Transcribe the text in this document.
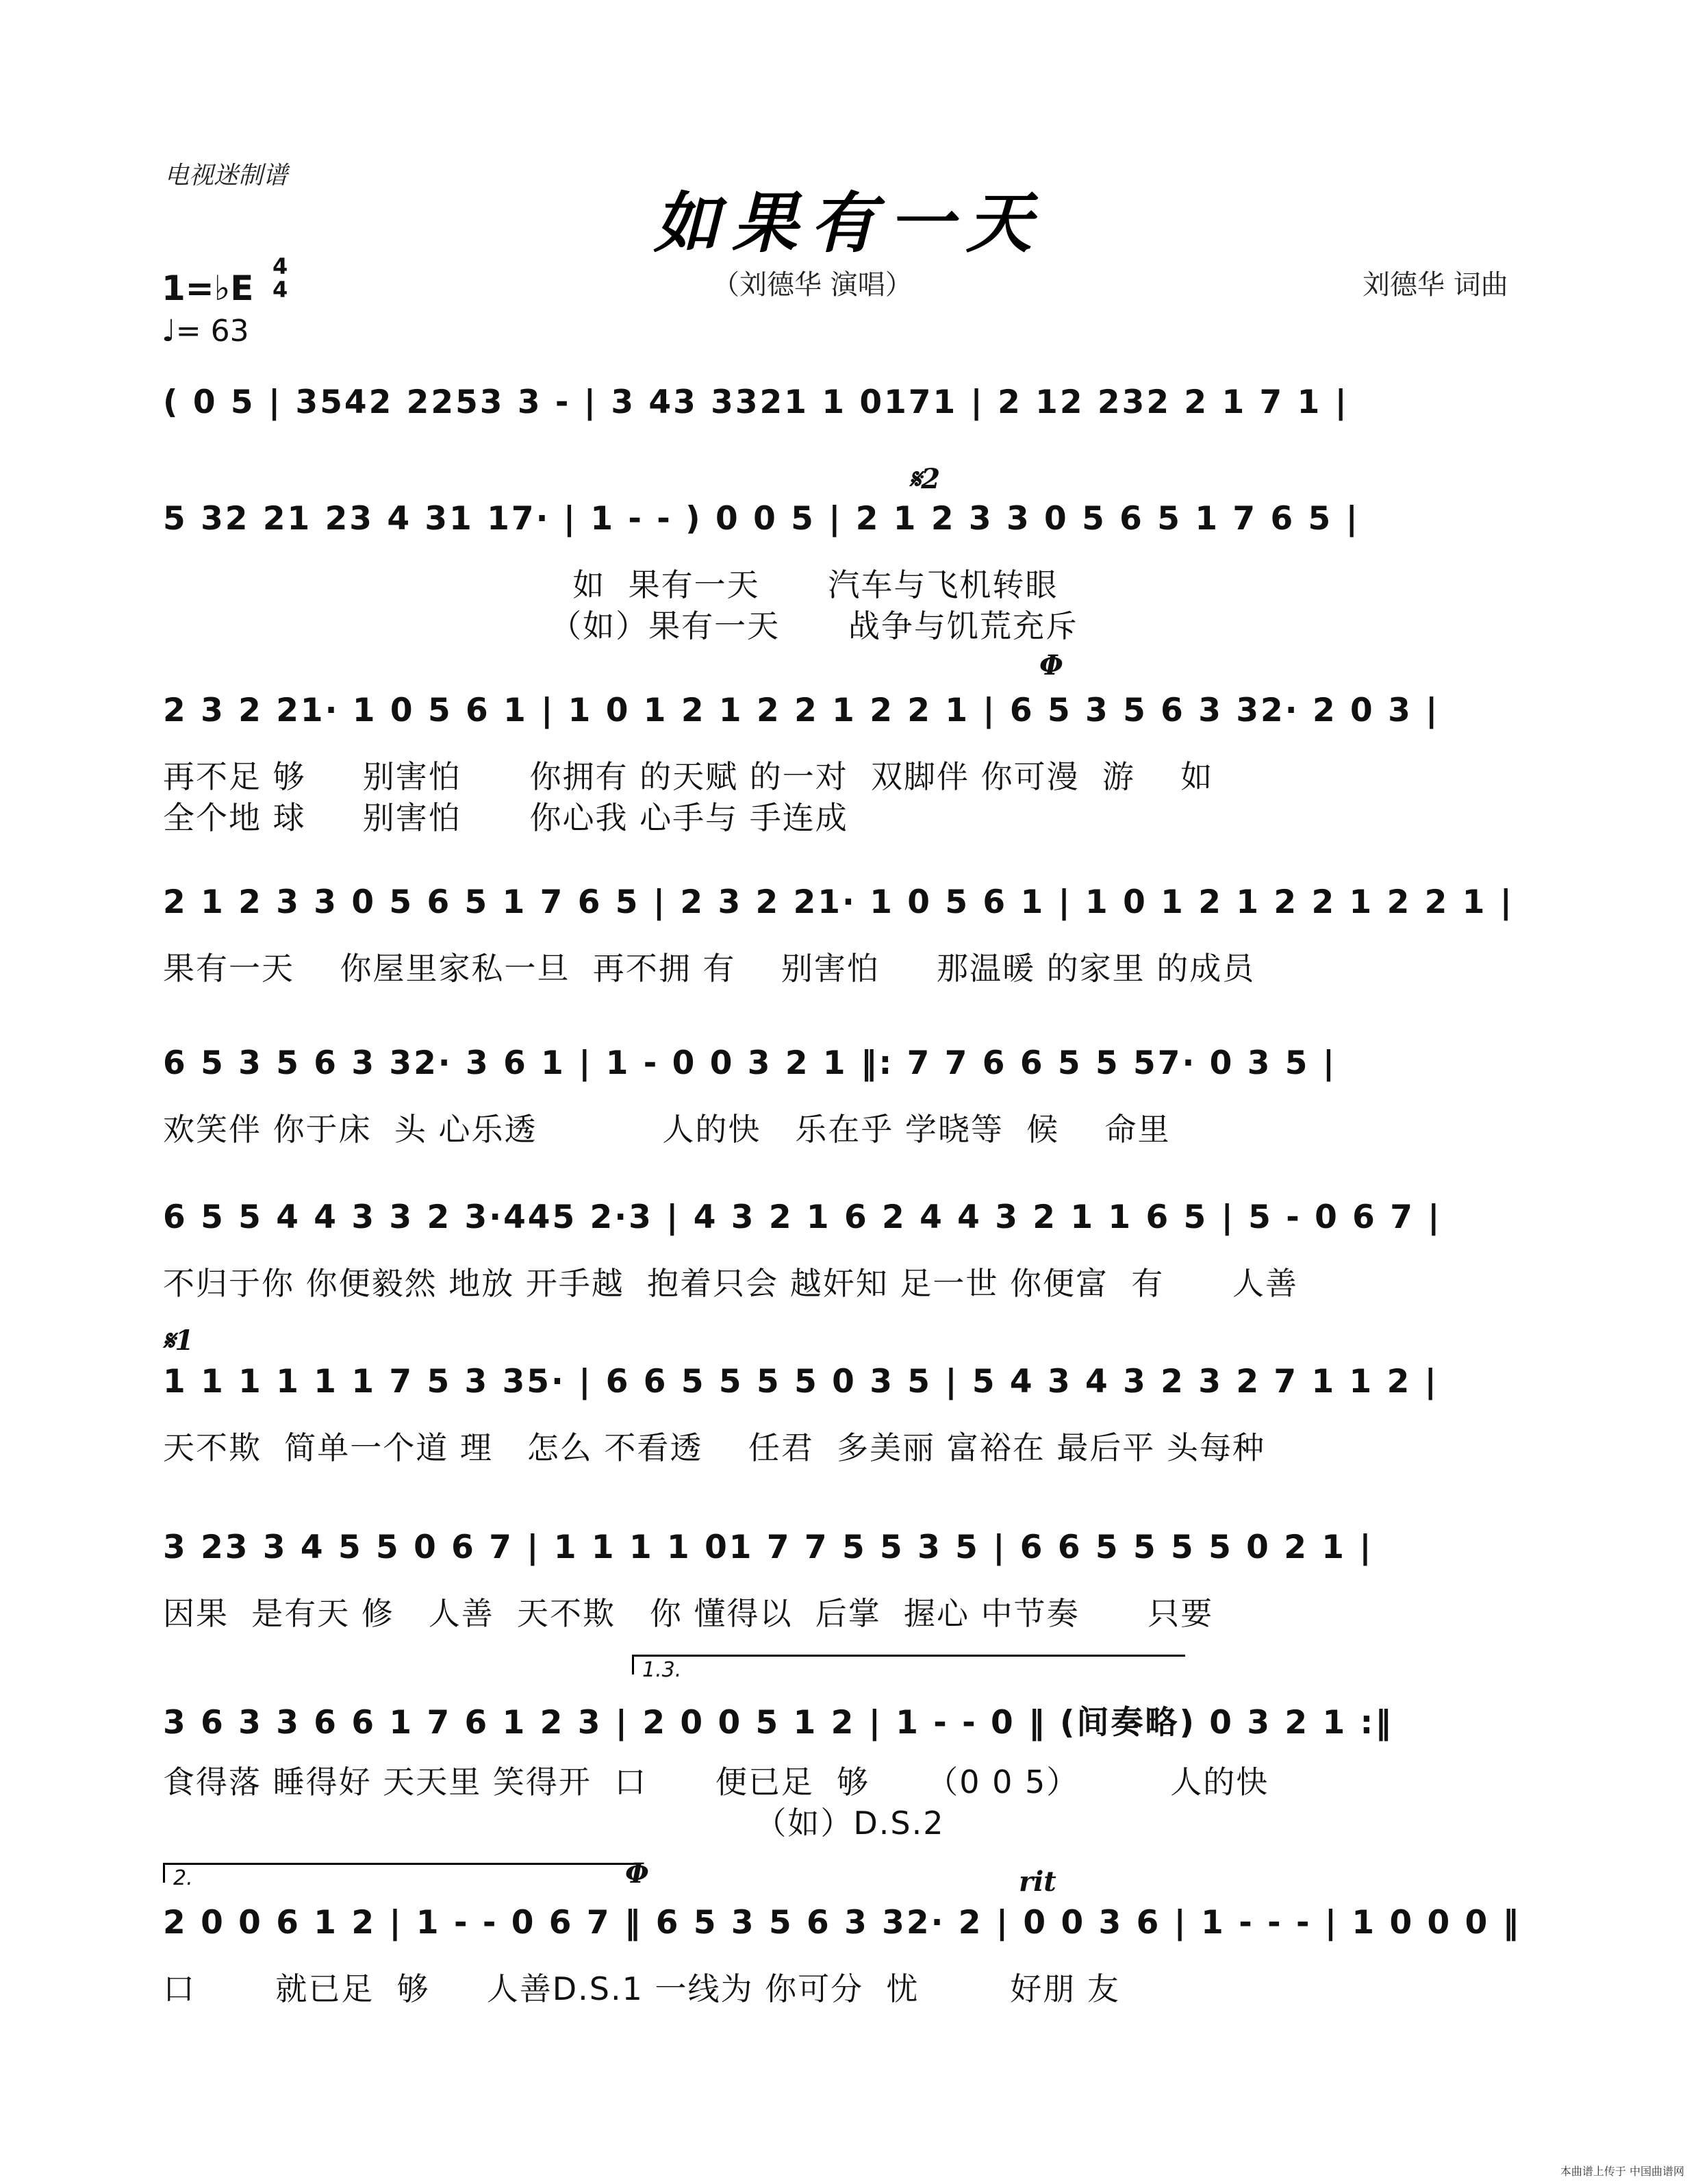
电视迷制谱
如果有一天
（刘德华 演唱）	刘德华 词曲
1=♭E
4
4
♩= 63
( 0 5 | 3542 2253 3 - | 3 43 3321 1 0171 | 2 12 232 2 1 7 1 |
𝄋2
5 32 21 23 4 31 17· | 1 - - ) 0 0 5 | 2 1 2 3 3 0 5 6 5 1 7 6 5 |
如  果有一天      汽车与飞机转眼
（如）果有一天      战争与饥荒充斥
Φ
2 3 2 21· 1 0 5 6 1 | 1 0 1 2 1 2 2 1 2 2 1 | 6 5 3 5 6 3 32· 2 0 3 |
再不足 够     别害怕      你拥有 的天赋 的一对  双脚伴 你可漫  游    如
全个地 球     别害怕      你心我 心手与 手连成
2 1 2 3 3 0 5 6 5 1 7 6 5 | 2 3 2 21· 1 0 5 6 1 | 1 0 1 2 1 2 2 1 2 2 1 |
果有一天    你屋里家私一旦  再不拥 有    别害怕     那温暖 的家里 的成员
6 5 3 5 6 3 32· 3 6 1 | 1 - 0 0 3 2 1 ‖: 7 7 6 6 5 5 57· 0 3 5 |
欢笑伴 你于床  头 心乐透           人的快   乐在乎 学晓等  候    命里
6 5 5 4 4 3 3 2 3·445 2·3 | 4 3 2 1 6 2 4 4 3 2 1 1 6 5 | 5 - 0 6 7 |
不归于你 你便毅然 地放 开手越  抱着只会 越奸知 足一世 你便富  有      人善
𝄋1
1 1 1 1 1 1 7 5 3 35· | 6 6 5 5 5 5 0 3 5 | 5 4 3 4 3 2 3 2 7 1 1 2 |
天不欺  简单一个道 理   怎么 不看透    任君  多美丽 富裕在 最后平 头每种
3 23 3 4 5 5 0 6 7 | 1 1 1 1 01 7 7 5 5 3 5 | 6 6 5 5 5 5 0 2 1 |
因果  是有天 修   人善  天不欺   你 懂得以  后掌  握心 中节奏      只要
1.3.
3 6 3 3 6 6 1 7 6 1 2 3 | 2 0 0 5 1 2 | 1 - - 0 ‖ (间奏略) 0 3 2 1 :‖
食得落 睡得好 天天里 笑得开  口      便已足  够     （0 0 5）        人的快
（如）D.S.2
2.	Φ	rit
2 0 0 6 1 2 | 1 - - 0 6 7 ‖ 6 5 3 5 6 3 32· 2 | 0 0 3 6 | 1 - - - | 1 0 0 0 ‖
口       就已足  够     人善D.S.1 一线为 你可分  忧        好朋 友
本曲谱上传于 中国曲谱网
